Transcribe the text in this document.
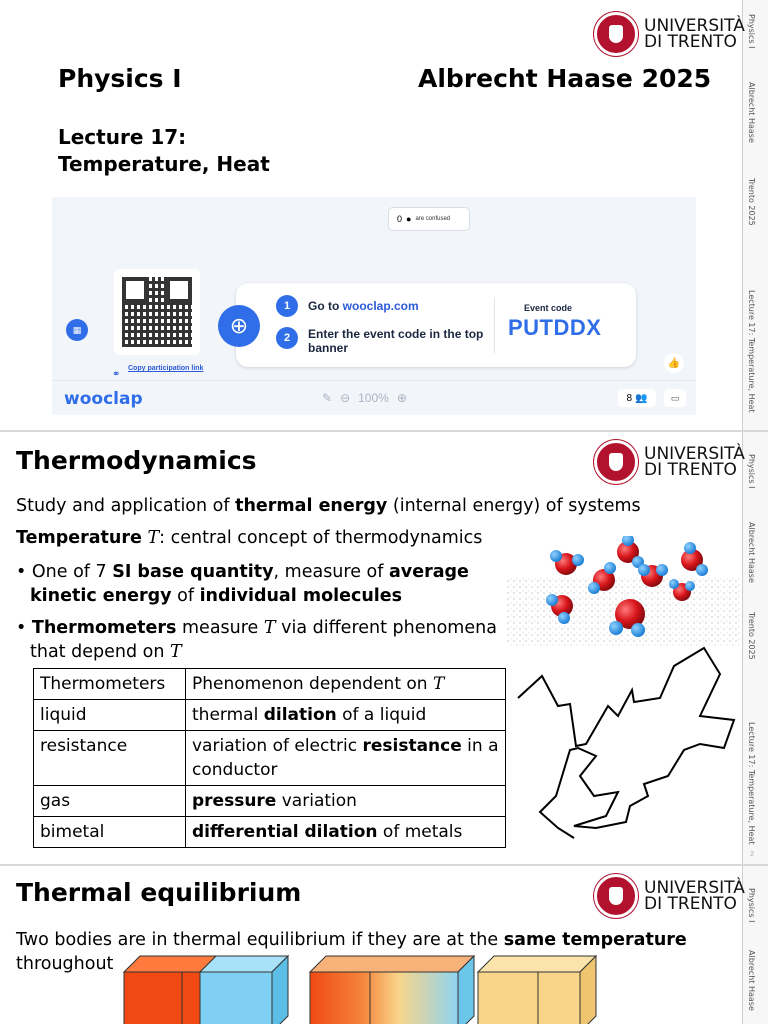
Physics I
Albrecht Haase
Trento 2025
Lecture 17: Temperature, Heat
UNIVERSITÀ
DI TRENTO
Physics I	Albrecht Haase 2025
Lecture 17:
Temperature, Heat
0 ● are confused
▦
⚭
Copy participation link
1	Go to wooclap.com
2	Enter the event code in the top banner
Event code
PUTDDX
⊕
👍
wooclap	✎ ⊖ 100% ⊕	8 👥	▭
Physics I
Albrecht Haase
Trento 2025
Lecture 17: Temperature, Heat
UNIVERSITÀ
DI TRENTO
Thermodynamics
Study and application of thermal energy (internal energy) of systems
Temperature T: central concept of thermodynamics
• One of 7 SI base quantity, measure of average
kinetic energy of individual molecules
• Thermometers measure T via different phenomena
that depend on T
Thermometers	Phenomenon dependent on T
liquid	thermal dilation of a liquid
resistance	variation of electric resistance in a conductor
gas	pressure variation
bimetal	differential dilation of metals
2
Physics I
Albrecht Haase
UNIVERSITÀ
DI TRENTO
Thermal equilibrium
Two bodies are in thermal equilibrium if they are at the same temperature
throughout
